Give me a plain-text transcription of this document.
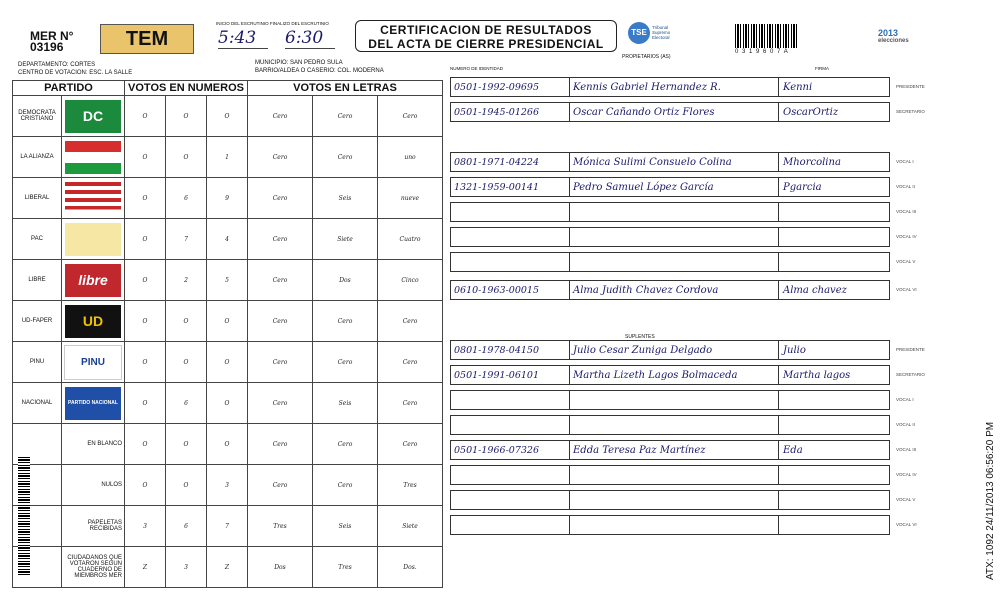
MER N°
03196	TEM
DEPARTAMENTO: CORTES
CENTRO DE VOTACION: ESC. LA SALLE
MUNICIPIO: SAN PEDRO SULA
BARRIO/ALDEA O CASERIO: COL. MODERNA
INICIO DEL ESCRUTINIO FINALIZO DEL ESCRUTINIO
5:43	6:30	CERTIFICACION DE RESULTADOS
DEL ACTA DE CIERRE PRESIDENCIAL
TSE
Tribunal Supremo Electoral
PROPIETARIOS (AS)
0 3 1 9 6 0 7 A
2013
elecciones
NUMERO DE IDENTIDAD	FIRMA
PARTIDO		VOTOS EN NUMEROS			VOTOS EN LETRAS		
DEMOCRATA CRISTIANO	DC	O	O	O	Cero	Cero	Cero
LA ALIANZA		O	O	1	Cero	Cero	uno
LIBERAL		O	6	9	Cero	Seis	nueve
PAC		O	7	4	Cero	Siete	Cuatro
LIBRE	libre	O	2	5	Cero	Dos	Cinco
UD-FAPER	UD	O	O	O	Cero	Cero	Cero
PINU	PINU	O	O	O	Cero	Cero	Cero
NACIONAL	PARTIDO NACIONAL	O	6	O	Cero	Seis	Cero
	EN BLANCO	O	O	O	Cero	Cero	Cero
	NULOS	O	O	3	Cero	Cero	Tres
	PAPELETAS RECIBIDAS	3	6	7	Tres	Seis	Siete
	CIUDADANOS QUE VOTARON SEGUN CUADERNO DE MIEMBROS MER	Z	3	Z	Dos	Tres	Dos.
0501-1992-09695	Kennis Gabriel Hernandez R.	Kenni	PRESIDENTE
0501-1945-01266	Oscar Cañando Ortiz Flores	OscarOrtiz	SECRETARIO
0801-1971-04224	Mónica Sulimi Consuelo Colina	Mhorcolina	VOCAL I
1321-1959-00141	Pedro Samuel López García	Pgarcia	VOCAL II
VOCAL III
VOCAL IV
VOCAL V
0610-1963-00015	Alma Judith Chavez Cordova	Alma chavez	VOCAL VI
0801-1978-04150	Julio Cesar Zuniga Delgado	Julio	PRESIDENTE
0501-1991-06101	Martha Lizeth Lagos Bolmaceda	Martha lagos	SECRETARIO
VOCAL I
VOCAL II
0501-1966-07326	Edda Teresa Paz Martínez	Eda	VOCAL III
VOCAL IV
VOCAL V
VOCAL VI
SUPLENTES
ATX: 1092 24/11/2013 06:56:20 PM
